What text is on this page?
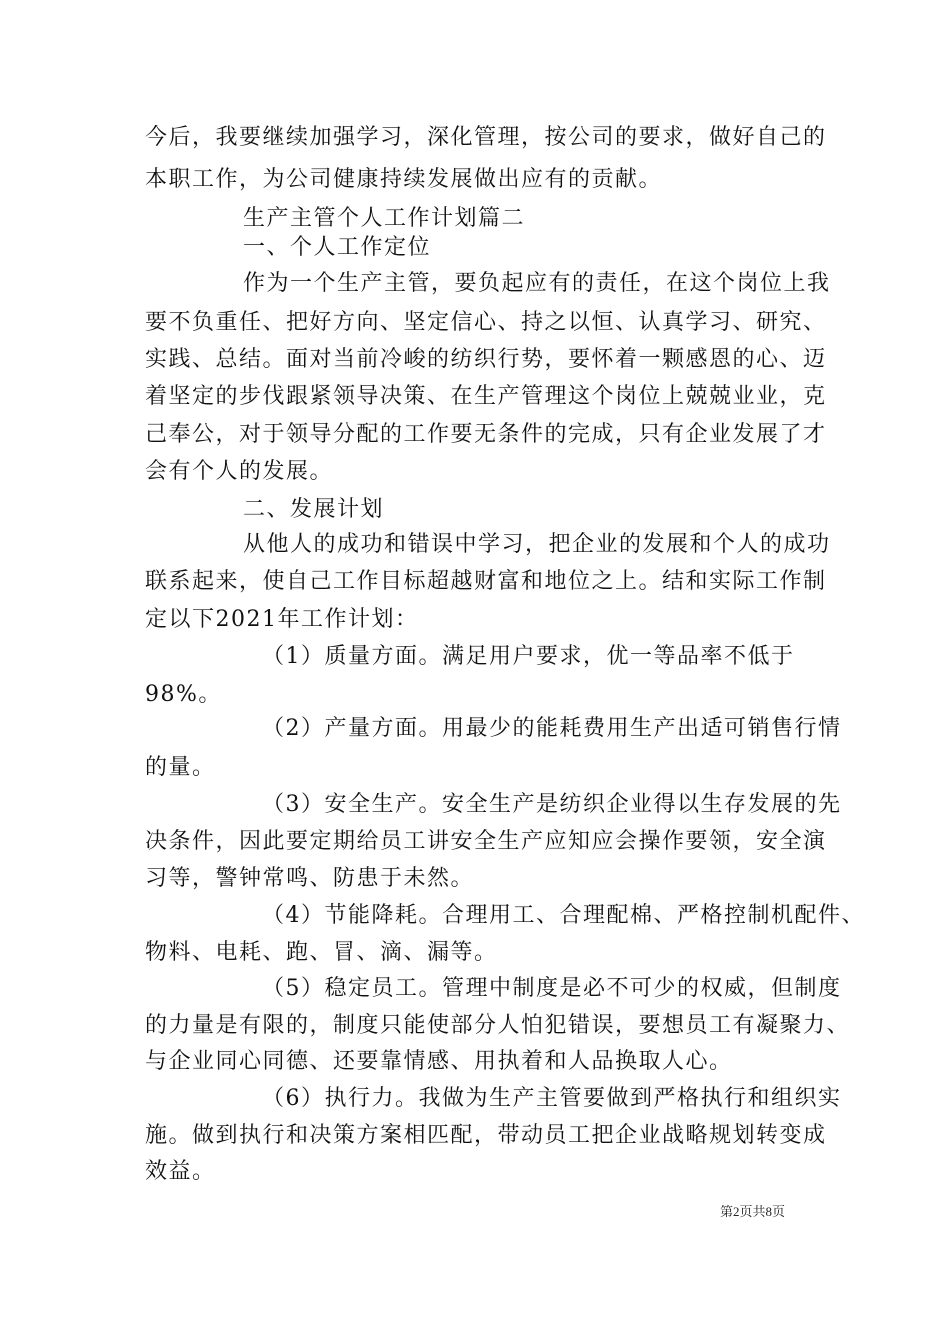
今后，我要继续加强学习，深化管理，按公司的要求，做好自己的
本职工作，为公司健康持续发展做出应有的贡献。
生产主管个人工作计划篇二
一、个人工作定位
作为一个生产主管，要负起应有的责任，在这个岗位上我
要不负重任、把好方向、坚定信心、持之以恒、认真学习、研究、
实践、总结。面对当前冷峻的纺织行势，要怀着一颗感恩的心、迈
着坚定的步伐跟紧领导决策、在生产管理这个岗位上兢兢业业，克
己奉公，对于领导分配的工作要无条件的完成，只有企业发展了才
会有个人的发展。
二、发展计划
从他人的成功和错误中学习，把企业的发展和个人的成功
联系起来，使自己工作目标超越财富和地位之上。结和实际工作制
定以下2021年工作计划：
（1）质量方面。满足用户要求，优一等品率不低于
98%。
（2）产量方面。用最少的能耗费用生产出适可销售行情
的量。
（3）安全生产。安全生产是纺织企业得以生存发展的先
决条件，因此要定期给员工讲安全生产应知应会操作要领，安全演
习等，警钟常鸣、防患于未然。
（4）节能降耗。合理用工、合理配棉、严格控制机配件、
物料、电耗、跑、冒、滴、漏等。
（5）稳定员工。管理中制度是必不可少的权威，但制度
的力量是有限的，制度只能使部分人怕犯错误，要想员工有凝聚力、
与企业同心同德、还要靠情感、用执着和人品换取人心。
（6）执行力。我做为生产主管要做到严格执行和组织实
施。做到执行和决策方案相匹配，带动员工把企业战略规划转变成
效益。
第2页共8页
